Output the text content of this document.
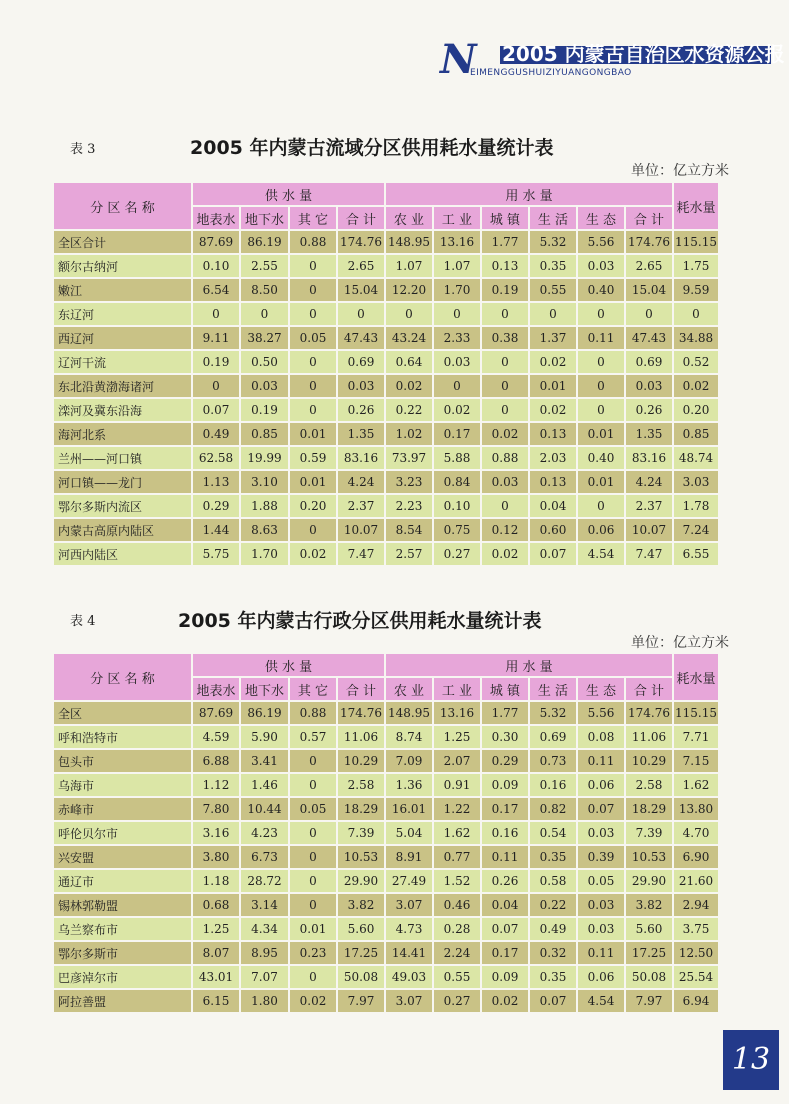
N 2005 内蒙古自治区水资源公报
EIMENGGUSHUIZIYUANGONGBAO
表 3	2005 年内蒙古流域分区供用耗水量统计表
单位：亿立方米
分 区 名 称	供 水 量				用 水 量						耗水量
	地表水	地下水	其 它	合 计	农 业	工 业	城 镇	生 活	生 态	合 计	
全区合计	87.69	86.19	0.88	174.76	148.95	13.16	1.77	5.32	5.56	174.76	115.15
额尔古纳河	0.10	2.55	0	2.65	1.07	1.07	0.13	0.35	0.03	2.65	1.75
嫩江	6.54	8.50	0	15.04	12.20	1.70	0.19	0.55	0.40	15.04	9.59
东辽河	0	0	0	0	0	0	0	0	0	0	0
西辽河	9.11	38.27	0.05	47.43	43.24	2.33	0.38	1.37	0.11	47.43	34.88
辽河干流	0.19	0.50	0	0.69	0.64	0.03	0	0.02	0	0.69	0.52
东北沿黄渤海诸河	0	0.03	0	0.03	0.02	0	0	0.01	0	0.03	0.02
滦河及冀东沿海	0.07	0.19	0	0.26	0.22	0.02	0	0.02	0	0.26	0.20
海河北系	0.49	0.85	0.01	1.35	1.02	0.17	0.02	0.13	0.01	1.35	0.85
兰州——河口镇	62.58	19.99	0.59	83.16	73.97	5.88	0.88	2.03	0.40	83.16	48.74
河口镇——龙门	1.13	3.10	0.01	4.24	3.23	0.84	0.03	0.13	0.01	4.24	3.03
鄂尔多斯内流区	0.29	1.88	0.20	2.37	2.23	0.10	0	0.04	0	2.37	1.78
内蒙古高原内陆区	1.44	8.63	0	10.07	8.54	0.75	0.12	0.60	0.06	10.07	7.24
河西内陆区	5.75	1.70	0.02	7.47	2.57	0.27	0.02	0.07	4.54	7.47	6.55
表 4	2005 年内蒙古行政分区供用耗水量统计表
单位：亿立方米
分 区 名 称	供 水 量				用 水 量						耗水量
	地表水	地下水	其 它	合 计	农 业	工 业	城 镇	生 活	生 态	合 计	
全区	87.69	86.19	0.88	174.76	148.95	13.16	1.77	5.32	5.56	174.76	115.15
呼和浩特市	4.59	5.90	0.57	11.06	8.74	1.25	0.30	0.69	0.08	11.06	7.71
包头市	6.88	3.41	0	10.29	7.09	2.07	0.29	0.73	0.11	10.29	7.15
乌海市	1.12	1.46	0	2.58	1.36	0.91	0.09	0.16	0.06	2.58	1.62
赤峰市	7.80	10.44	0.05	18.29	16.01	1.22	0.17	0.82	0.07	18.29	13.80
呼伦贝尔市	3.16	4.23	0	7.39	5.04	1.62	0.16	0.54	0.03	7.39	4.70
兴安盟	3.80	6.73	0	10.53	8.91	0.77	0.11	0.35	0.39	10.53	6.90
通辽市	1.18	28.72	0	29.90	27.49	1.52	0.26	0.58	0.05	29.90	21.60
锡林郭勒盟	0.68	3.14	0	3.82	3.07	0.46	0.04	0.22	0.03	3.82	2.94
乌兰察布市	1.25	4.34	0.01	5.60	4.73	0.28	0.07	0.49	0.03	5.60	3.75
鄂尔多斯市	8.07	8.95	0.23	17.25	14.41	2.24	0.17	0.32	0.11	17.25	12.50
巴彦淖尔市	43.01	7.07	0	50.08	49.03	0.55	0.09	0.35	0.06	50.08	25.54
阿拉善盟	6.15	1.80	0.02	7.97	3.07	0.27	0.02	0.07	4.54	7.97	6.94
13
